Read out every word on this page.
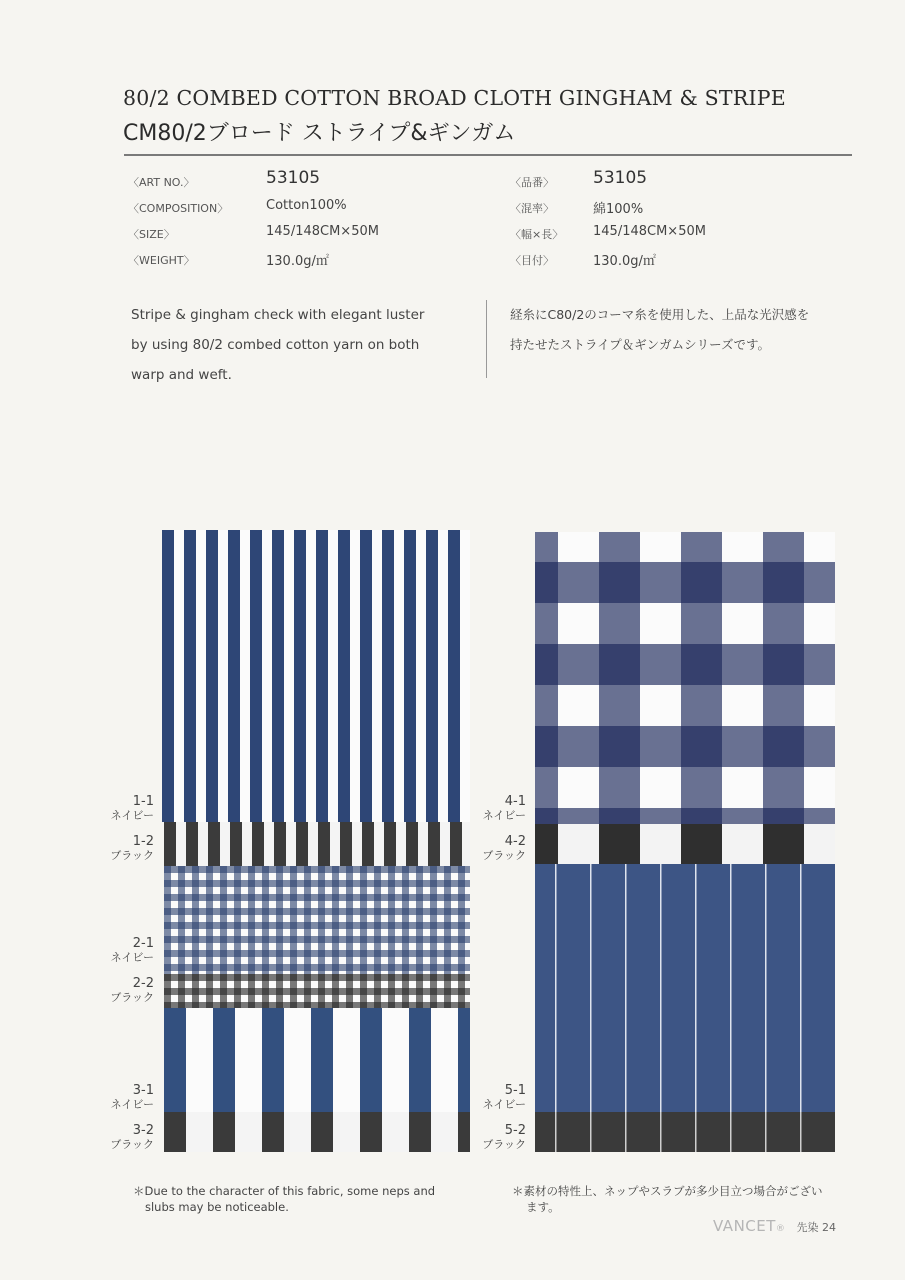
80/2 COMBED COTTON BROAD CLOTH GINGHAM & STRIPE
CM80/2ブロード ストライプ&ギンガム
〈ART NO.〉	53105
〈COMPOSITION〉	Cotton100%
〈SIZE〉	145/148CM×50M
〈WEIGHT〉	130.0g/㎡
〈品番〉 53105
〈混率〉	綿100%
〈幅×長〉 145/148CM×50M
〈目付〉	130.0g/㎡
Stripe & gingham check with elegant luster
by using 80/2 combed cotton yarn on both
warp and weft.
経糸にC80/2のコーマ糸を使用した、上品な光沢感を
持たせたストライプ＆ギンガムシリーズです。
1-1
ネイビー
1-2
ブラック
2-1
ネイビー
2-2
ブラック
3-1
ネイビー
3-2
ブラック
4-1
ネイビー
4-2
ブラック
5-1
ネイビー
5-2
ブラック
＊Due to the character of this fabric, some neps and
slubs may be noticeable.
＊素材の特性上、ネップやスラブが多少目立つ場合がござい
ます。
VANCET® 先染 24
